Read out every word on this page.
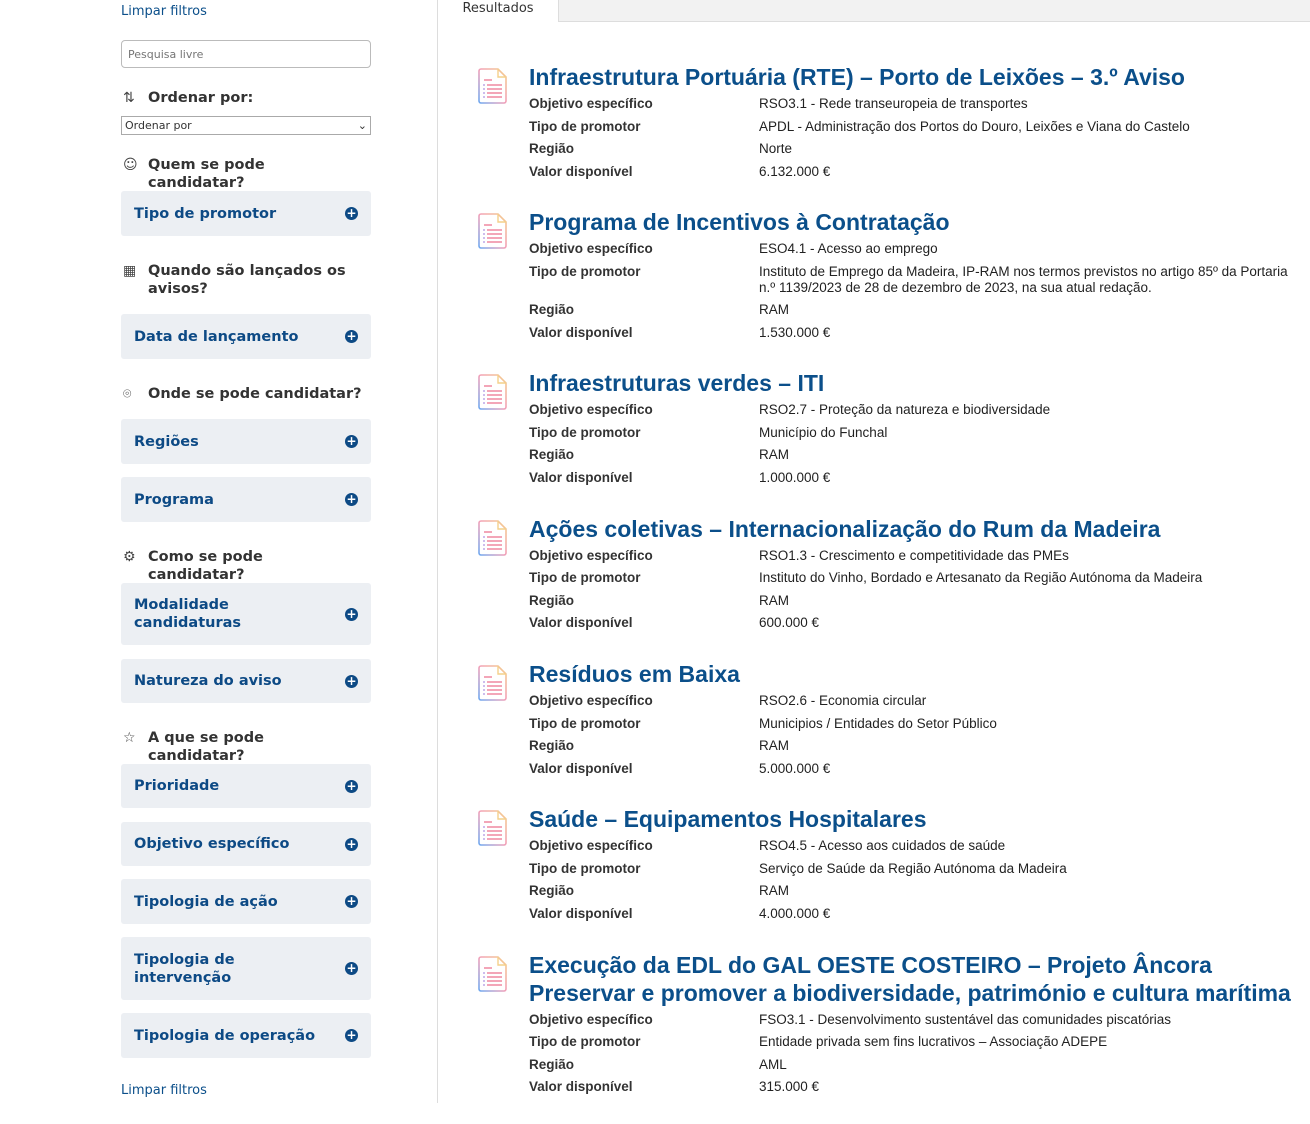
Limpar filtros
Pesquisa livre
⇅ Ordenar por:
Ordenar por	⌄
☺ Quem se pode candidatar?
▦ Quando são lançados os avisos?
⌾	Onde se pode candidatar?
⚙ Como se pode candidatar?
☆ A que se pode candidatar?
Tipo de promotor	+
Data de lançamento	+
Regiões	+
Programa	+
Modalidade candidaturas
+
Natureza do aviso	+
Prioridade	+
Objetivo específico	+
Tipologia de ação	+
Tipologia de intervenção
+
Tipologia de operação	+
Limpar filtros
Resultados
Infraestrutura Portuária (RTE) – Porto de Leixões – 3.º Aviso
Objetivo específico	RSO3.1 - Rede transeuropeia de transportes
Tipo de promotor	APDL - Administração dos Portos do Douro, Leixões e Viana do Castelo
Região	Norte
Valor disponível	6.132.000 €
Programa de Incentivos à Contratação
Objetivo específico	ESO4.1 - Acesso ao emprego
Tipo de promotor	Instituto de Emprego da Madeira, IP-RAM nos termos previstos no artigo 85º da Portaria n.º 1139/2023 de 28 de dezembro de 2023, na sua atual redação.
Região	RAM
Valor disponível	1.530.000 €
Infraestruturas verdes – ITI
Objetivo específico	RSO2.7 - Proteção da natureza e biodiversidade
Tipo de promotor	Município do Funchal
Região	RAM
Valor disponível	1.000.000 €
Ações coletivas – Internacionalização do Rum da Madeira
Objetivo específico	RSO1.3 - Crescimento e competitividade das PMEs
Tipo de promotor	Instituto do Vinho, Bordado e Artesanato da Região Autónoma da Madeira
Região	RAM
Valor disponível	600.000 €
Resíduos em Baixa
Objetivo específico	RSO2.6 - Economia circular
Tipo de promotor	Municipios / Entidades do Setor Público
Região	RAM
Valor disponível	5.000.000 €
Saúde – Equipamentos Hospitalares
Objetivo específico	RSO4.5 - Acesso aos cuidados de saúde
Tipo de promotor	Serviço de Saúde da Região Autónoma da Madeira
Região	RAM
Valor disponível	4.000.000 €
Execução da EDL do GAL OESTE COSTEIRO – Projeto Âncora Preservar e promover a biodiversidade, património e cultura marítima
Objetivo específico	FSO3.1 - Desenvolvimento sustentável das comunidades piscatórias
Tipo de promotor	Entidade privada sem fins lucrativos – Associação ADEPE
Região	AML
Valor disponível	315.000 €
